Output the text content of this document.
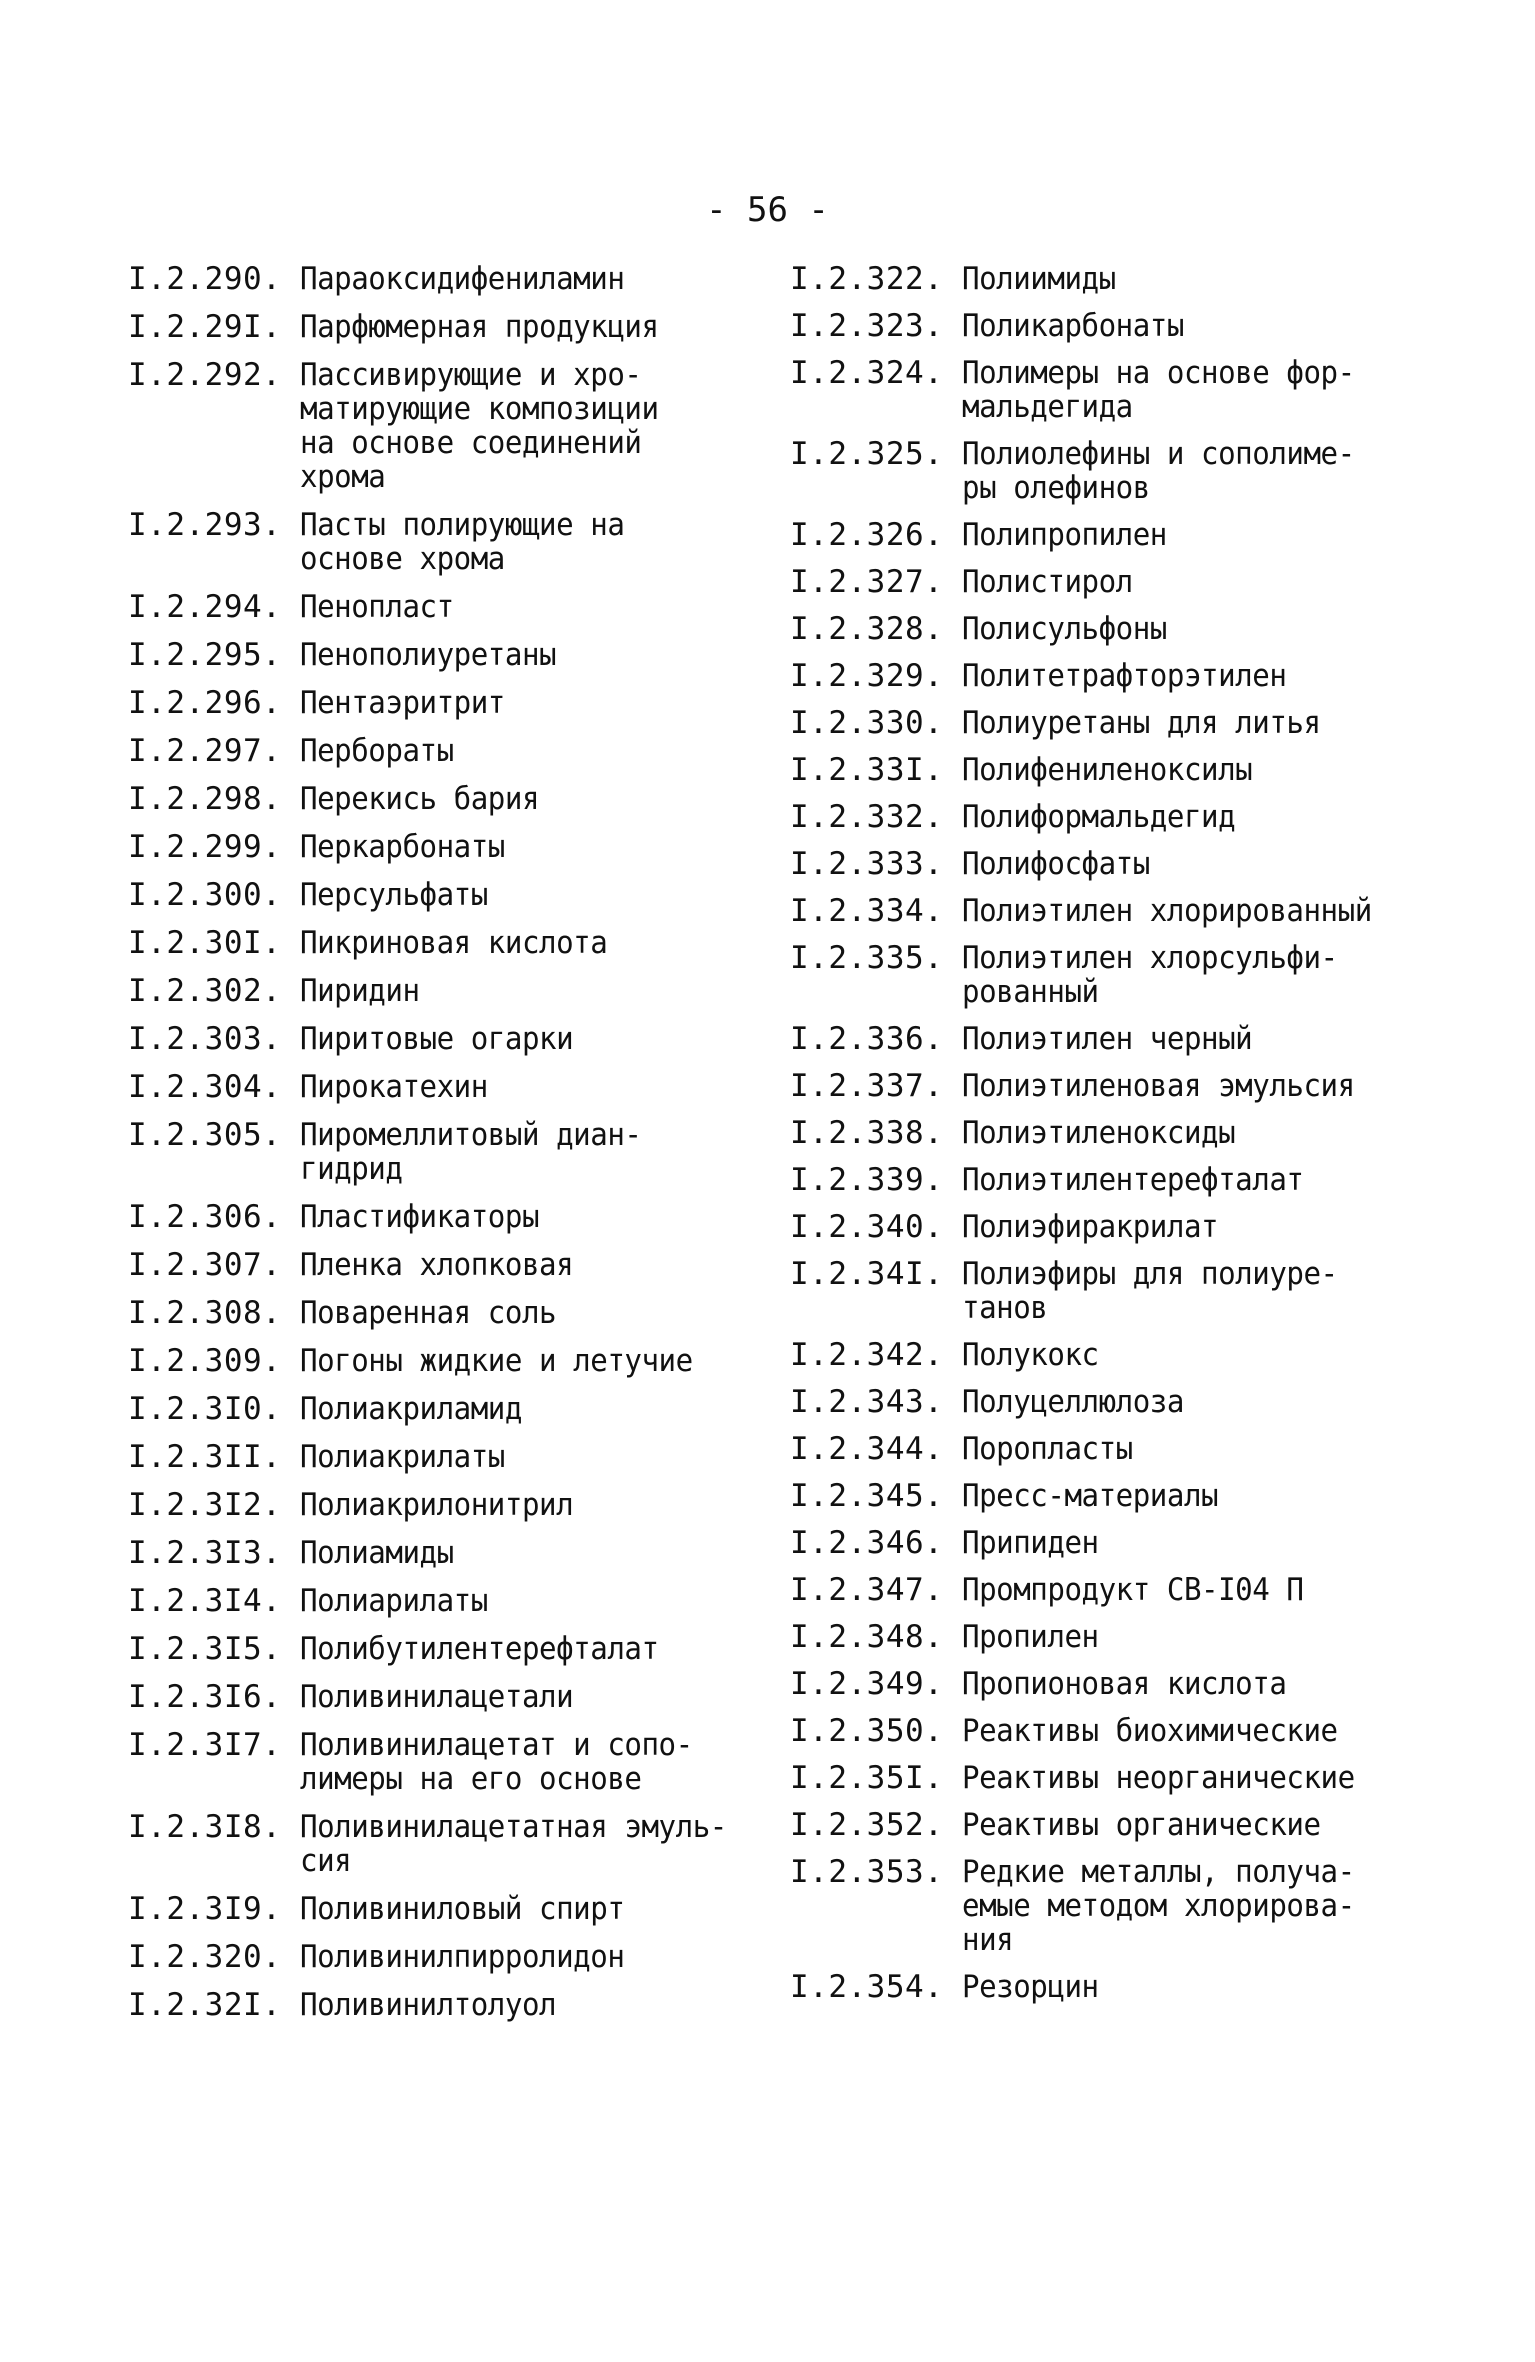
- 56 -
I.2.290. Параоксидифениламин
I.2.29I. Парфюмерная продукция
I.2.292. Пассивирующие и хро-
матирующие композиции
на основе соединений
хрома
I.2.293. Пасты полирующие на
основе хрома
I.2.294. Пенопласт
I.2.295. Пенополиуретаны
I.2.296. Пентаэритрит
I.2.297. Пербораты
I.2.298. Перекись бария
I.2.299. Перкарбонаты
I.2.300. Персульфаты
I.2.30I. Пикриновая кислота
I.2.302. Пиридин
I.2.303. Пиритовые огарки
I.2.304. Пирокатехин
I.2.305. Пиромеллитовый диан-
гидрид
I.2.306. Пластификаторы
I.2.307. Пленка хлопковая
I.2.308. Поваренная соль
I.2.309. Погоны жидкие и летучие
I.2.3I0. Полиакриламид
I.2.3II. Полиакрилаты
I.2.3I2. Полиакрилонитрил
I.2.3I3. Полиамиды
I.2.3I4. Полиарилаты
I.2.3I5. Полибутилентерефталат
I.2.3I6. Поливинилацетали
I.2.3I7. Поливинилацетат и сопо-
лимеры на его основе
I.2.3I8. Поливинилацетатная эмуль-
сия
I.2.3I9. Поливиниловый спирт
I.2.320. Поливинилпирролидон
I.2.32I. Поливинилтолуол
I.2.322. Полиимиды
I.2.323. Поликарбонаты
I.2.324. Полимеры на основе фор-
мальдегида
I.2.325. Полиолефины и сополиме-
ры олефинов
I.2.326. Полипропилен
I.2.327. Полистирол
I.2.328. Полисульфоны
I.2.329. Политетрафторэтилен
I.2.330. Полиуретаны для литья
I.2.33I. Полифениленоксилы
I.2.332. Полиформальдегид
I.2.333. Полифосфаты
I.2.334. Полиэтилен хлорированный
I.2.335. Полиэтилен хлорсульфи-
рованный
I.2.336. Полиэтилен черный
I.2.337. Полиэтиленовая эмульсия
I.2.338. Полиэтиленоксиды
I.2.339. Полиэтилентерефталат
I.2.340. Полиэфиракрилат
I.2.34I. Полиэфиры для полиуре-
танов
I.2.342. Полукокс
I.2.343. Полуцеллюлоза
I.2.344. Поропласты
I.2.345. Пресс-материалы
I.2.346. Припиден
I.2.347. Промпродукт СВ-I04 П
I.2.348. Пропилен
I.2.349. Пропионовая кислота
I.2.350. Реактивы биохимические
I.2.35I. Реактивы неорганические
I.2.352. Реактивы органические
I.2.353. Редкие металлы, получа-
емые методом хлорирова-
ния
I.2.354. Резорцин
